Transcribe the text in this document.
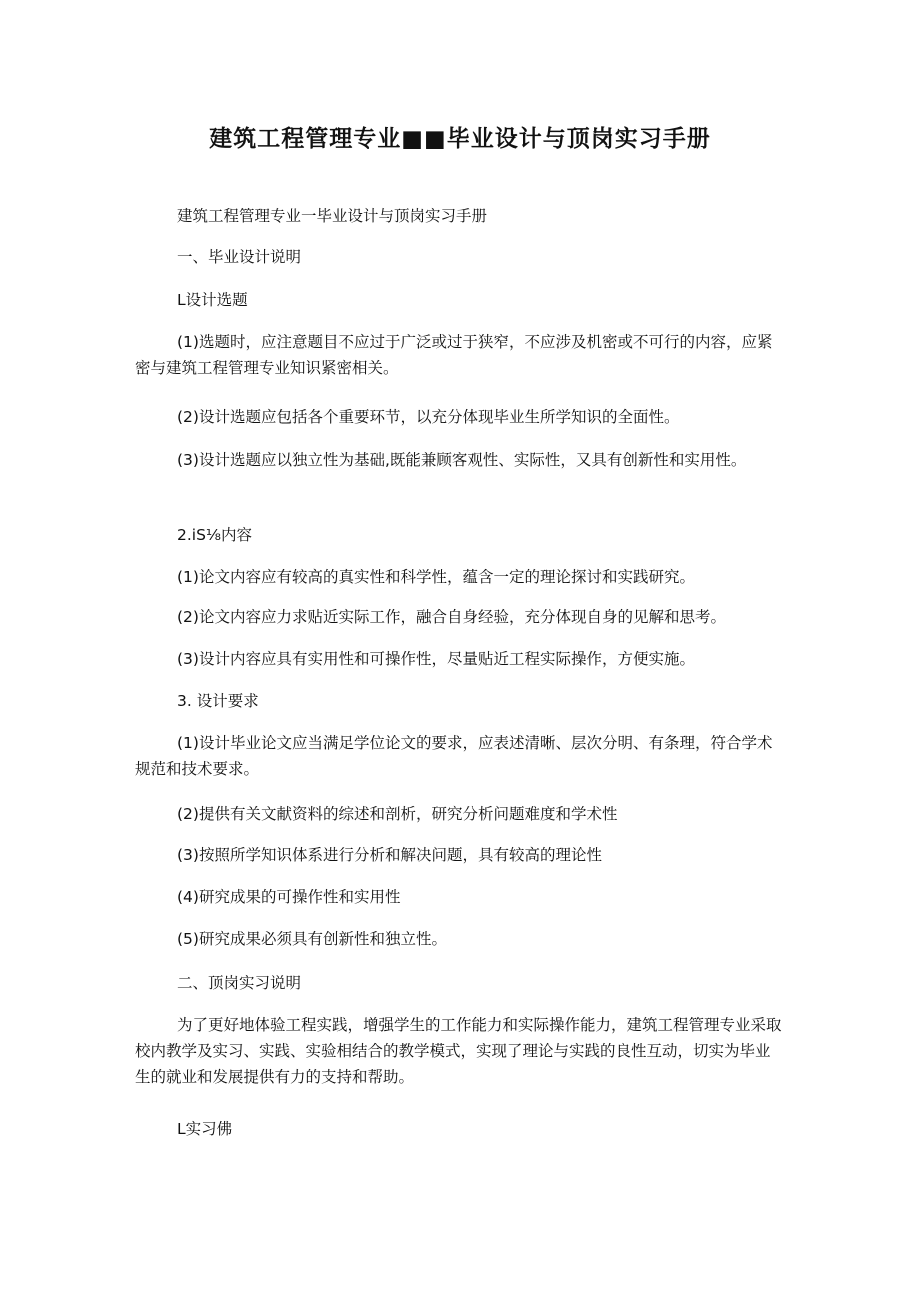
建筑工程管理专业■■毕业设计与顶岗实习手册
建筑工程管理专业一毕业设计与顶岗实习手册
一、毕业设计说明
L设计选题
(1)选题时，应注意题目不应过于广泛或过于狭窄，不应涉及机密或不可行的内容，应紧密与建筑工程管理专业知识紧密相关。
(2)设计选题应包括各个重要环节，以充分体现毕业生所学知识的全面性。
(3)设计选题应以独立性为基础,既能兼顾客观性、实际性，又具有创新性和实用性。
2.iS⅛内容
(1)论文内容应有较高的真实性和科学性，蕴含一定的理论探讨和实践研究。
(2)论文内容应力求贴近实际工作，融合自身经验，充分体现自身的见解和思考。
(3)设计内容应具有实用性和可操作性，尽量贴近工程实际操作，方便实施。
3. 设计要求
(1)设计毕业论文应当满足学位论文的要求，应表述清晰、层次分明、有条理，符合学术规范和技术要求。
(2)提供有关文献资料的综述和剖析，研究分析问题难度和学术性
(3)按照所学知识体系进行分析和解决问题，具有较高的理论性
(4)研究成果的可操作性和实用性
(5)研究成果必须具有创新性和独立性。
二、顶岗实习说明
为了更好地体验工程实践，增强学生的工作能力和实际操作能力，建筑工程管理专业采取校内教学及实习、实践、实验相结合的教学模式，实现了理论与实践的良性互动，切实为毕业生的就业和发展提供有力的支持和帮助。
L实习佛
